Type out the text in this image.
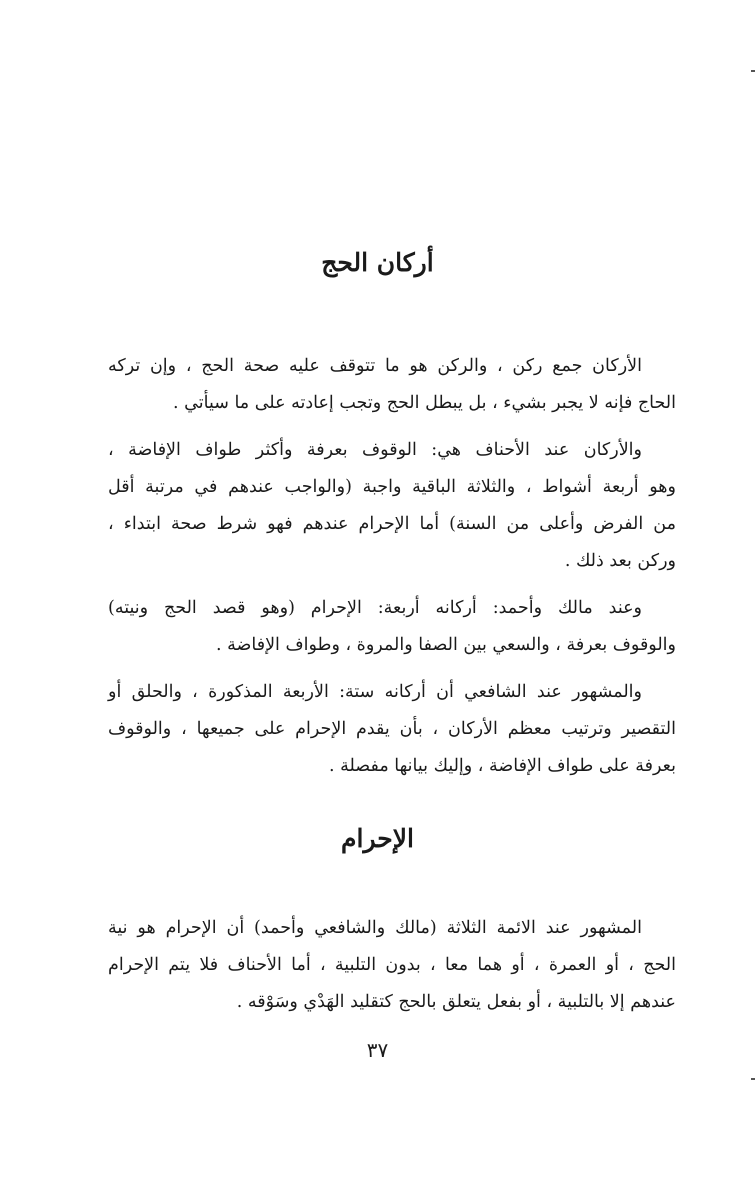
أركان الحج
الأركان جمع ركن ، والركن هو ما تتوقف عليه صحة الحج ، وإن تركه
الحاج فإنه لا يجبر بشيء ، بل يبطل الحج وتجب إعادته على ما سيأتي .
والأركان عند الأحناف هي: الوقوف بعرفة وأكثر طواف الإفاضة ،
وهو أربعة أشواط ، والثلاثة الباقية واجبة (والواجب عندهم في مرتبة أقل
من الفرض وأعلى من السنة) أما الإحرام عندهم فهو شرط صحة ابتداء ،
وركن بعد ذلك .
وعند مالك وأحمد: أركانه أربعة: الإحرام (وهو قصد الحج ونيته)
والوقوف بعرفة ، والسعي بين الصفا والمروة ، وطواف الإفاضة .
والمشهور عند الشافعي أن أركانه ستة: الأربعة المذكورة ، والحلق أو
التقصير وترتيب معظم الأركان ، بأن يقدم الإحرام على جميعها ، والوقوف
بعرفة على طواف الإفاضة ، وإليك بيانها مفصلة .
الإحرام
المشهور عند الائمة الثلاثة (مالك والشافعي وأحمد) أن الإحرام هو نية
الحج ، أو العمرة ، أو هما معا ، بدون التلبية ، أما الأحناف فلا يتم الإحرام
عندهم إلا بالتلبية ، أو بفعل يتعلق بالحج كتقليد الهَدْي وسَوْقه .
٣٧
